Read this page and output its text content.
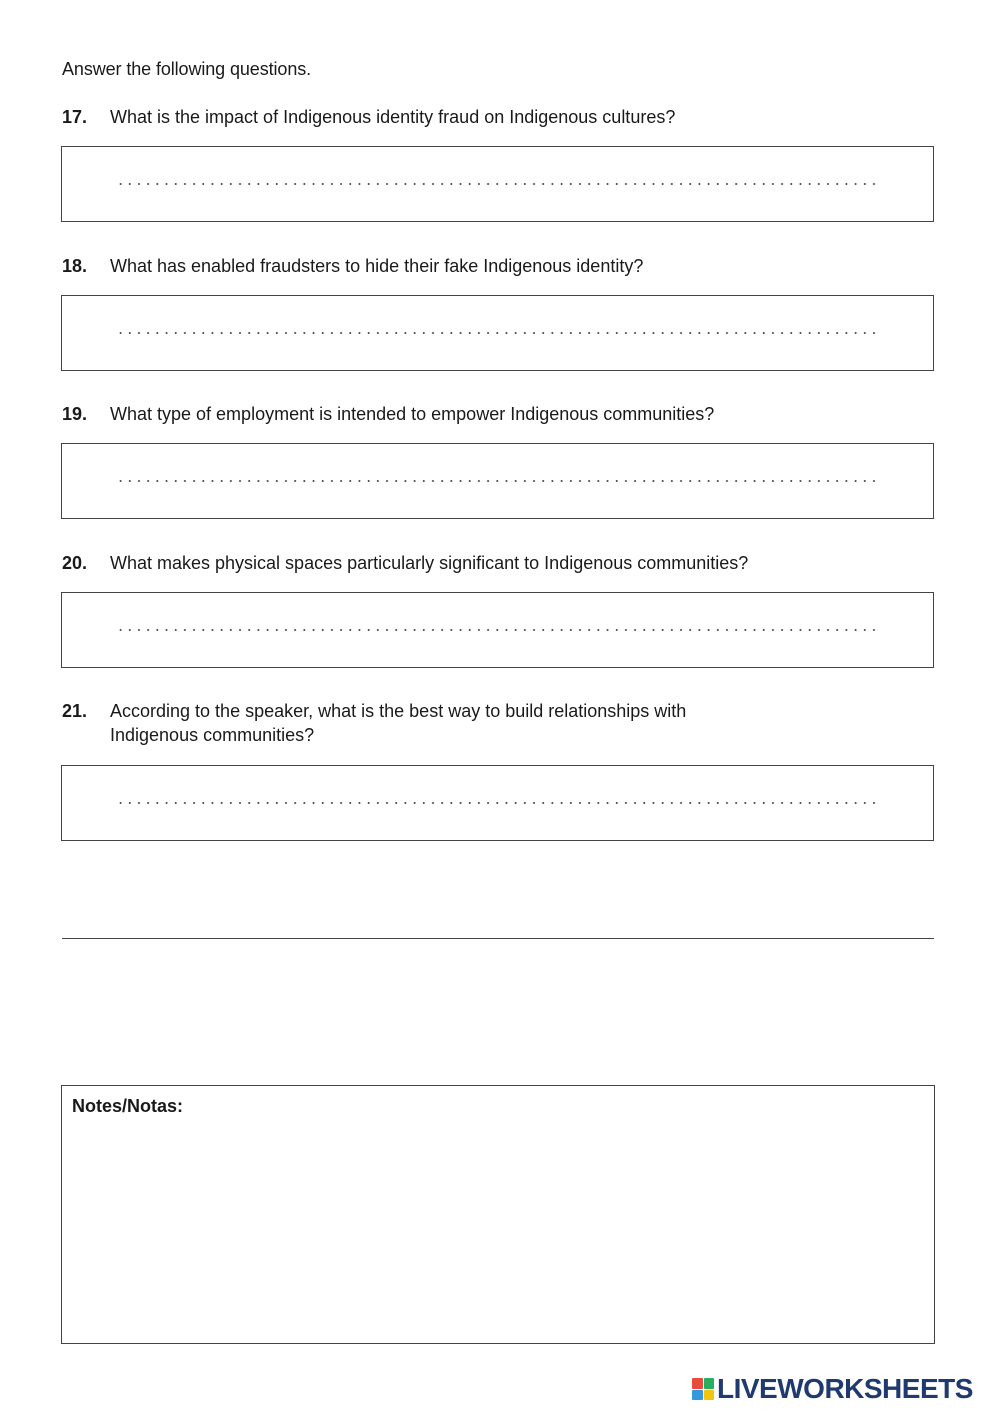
Answer the following questions.
17. What is the impact of Indigenous identity fraud on Indigenous cultures?
18. What has enabled fraudsters to hide their fake Indigenous identity?
19. What type of employment is intended to empower Indigenous communities?
20. What makes physical spaces particularly significant to Indigenous communities?
21. According to the speaker, what is the best way to build relationships with Indigenous communities?
Notes/Notas:
LIVEWORKSHEETS
